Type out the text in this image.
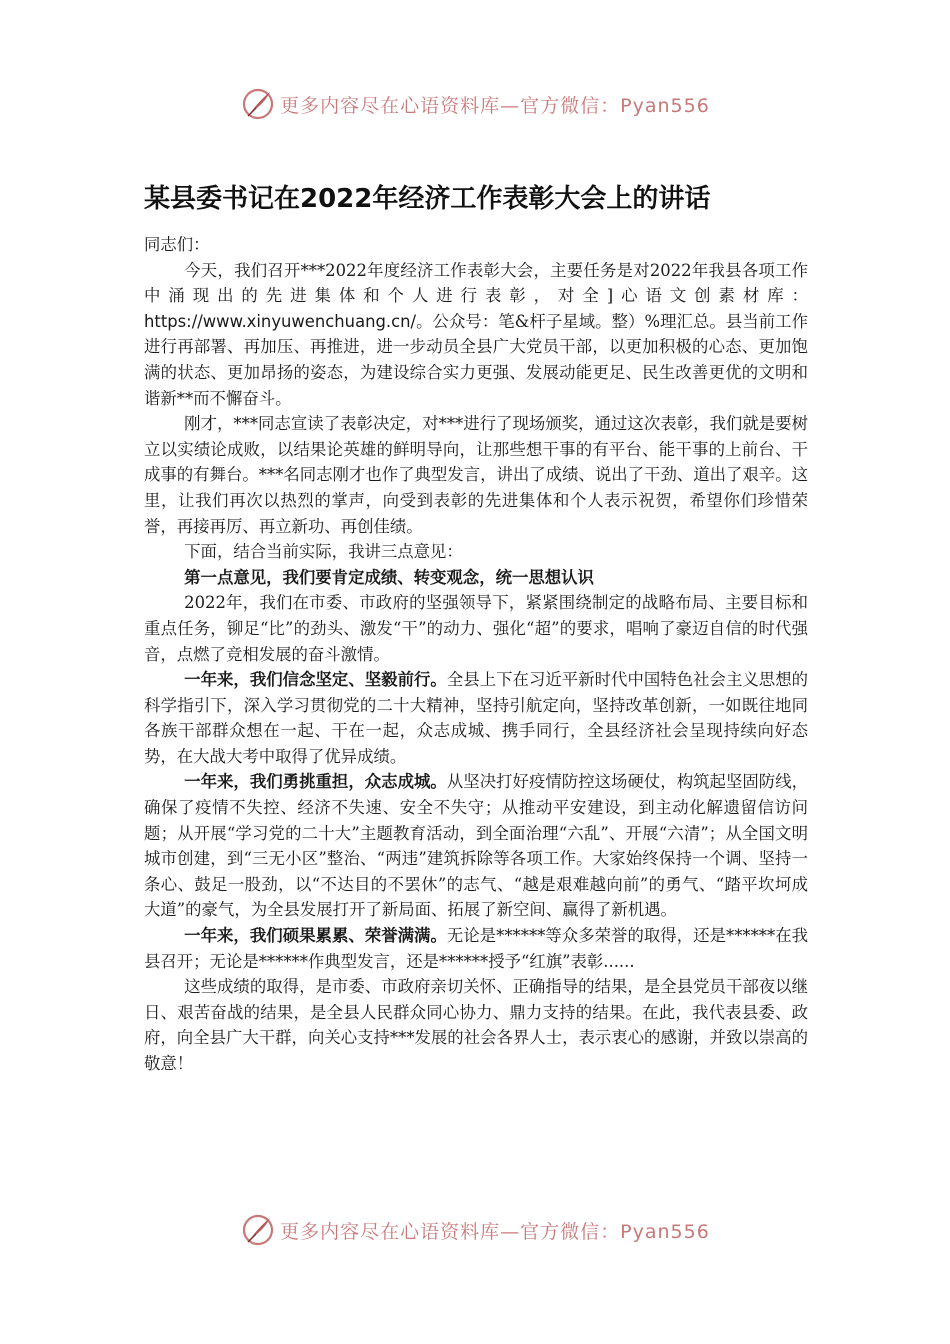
更多内容尽在心语资料库—官方微信：Pyan556
某县委书记在2022年经济工作表彰大会上的讲话

同志们：

今天，我们召开***2022年度经济工作表彰大会，主要任务是对2022年我县各项工作中涌现出的先进集体和个人进行表彰，对全]心语文创素材库：https://www.xinyuwenchuang.cn/。公众号：笔&杆子星域。整）%理汇总。县当前工作进行再部署、再加压、再推进，进一步动员全县广大党员干部，以更加积极的心态、更加饱满的状态、更加昂扬的姿态，为建设综合实力更强、发展动能更足、民生改善更优的文明和谐新**而不懈奋斗。

刚才，***同志宣读了表彰决定，对***进行了现场颁奖，通过这次表彰，我们就是要树立以实绩论成败，以结果论英雄的鲜明导向，让那些想干事的有平台、能干事的上前台、干成事的有舞台。***名同志刚才也作了典型发言，讲出了成绩、说出了干劲、道出了艰辛。这里，让我们再次以热烈的掌声，向受到表彰的先进集体和个人表示祝贺，希望你们珍惜荣誉，再接再厉、再立新功、再创佳绩。

下面，结合当前实际，我讲三点意见：

第一点意见，我们要肯定成绩、转变观念，统一思想认识

2022年，我们在市委、市政府的坚强领导下，紧紧围绕制定的战略布局、主要目标和重点任务，铆足“比”的劲头、激发“干”的动力、强化“超”的要求，唱响了豪迈自信的时代强音，点燃了竞相发展的奋斗激情。

一年来，我们信念坚定、坚毅前行。全县上下在习近平新时代中国特色社会主义思想的科学指引下，深入学习贯彻党的二十大精神，坚持引航定向，坚持改革创新，一如既往地同各族干部群众想在一起、干在一起，众志成城、携手同行，全县经济社会呈现持续向好态势，在大战大考中取得了优异成绩。

一年来，我们勇挑重担，众志成城。从坚决打好疫情防控这场硬仗，构筑起坚固防线，确保了疫情不失控、经济不失速、安全不失守；从推动平安建设，到主动化解遗留信访问题；从开展“学习党的二十大”主题教育活动，到全面治理“六乱”、开展“六清”；从全国文明城市创建，到“三无小区”整治、“两违”建筑拆除等各项工作。大家始终保持一个调、坚持一条心、鼓足一股劲，以“不达目的不罢休”的志气、“越是艰难越向前”的勇气、“踏平坎坷成大道”的豪气，为全县发展打开了新局面、拓展了新空间、赢得了新机遇。

一年来，我们硕果累累、荣誉满满。无论是******等众多荣誉的取得，还是******在我县召开；无论是******作典型发言，还是******授予“红旗”表彰......

这些成绩的取得，是市委、市政府亲切关怀、正确指导的结果，是全县党员干部夜以继日、艰苦奋战的结果，是全县人民群众同心协力、鼎力支持的结果。在此，我代表县委、政府，向全县广大干群，向关心支持***发展的社会各界人士，表示衷心的感谢，并致以崇高的敬意！

更多内容尽在心语资料库—官方微信：Pyan556
